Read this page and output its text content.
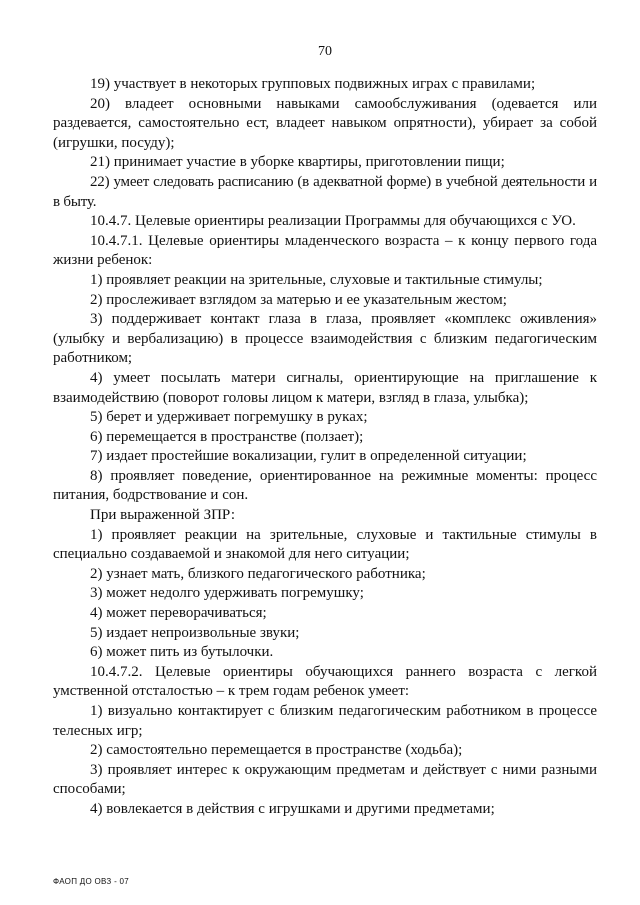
70

19) участвует в некоторых групповых подвижных играх с правилами;

20) владеет основными навыками самообслуживания (одевается или раздевается, самостоятельно ест, владеет навыком опрятности), убирает за собой (игрушки, посуду);

21) принимает участие в уборке квартиры, приготовлении пищи;

22) умеет следовать расписанию (в адекватной форме) в учебной деятельности и в быту.

10.4.7. Целевые ориентиры реализации Программы для обучающихся с УО.

10.4.7.1. Целевые ориентиры младенческого возраста – к концу первого года жизни ребенок:

1) проявляет реакции на зрительные, слуховые и тактильные стимулы;

2) прослеживает взглядом за матерью и ее указательным жестом;

3) поддерживает контакт глаза в глаза, проявляет «комплекс оживления» (улыбку и вербализацию) в процессе взаимодействия с близким педагогическим работником;

4) умеет посылать матери сигналы, ориентирующие на приглашение к взаимодействию (поворот головы лицом к матери, взгляд в глаза, улыбка);

5) берет и удерживает погремушку в руках;

6) перемещается в пространстве (ползает);

7) издает простейшие вокализации, гулит в определенной ситуации;

8) проявляет поведение, ориентированное на режимные моменты: процесс питания, бодрствование и сон.

При выраженной ЗПР:

1) проявляет реакции на зрительные, слуховые и тактильные стимулы в специально создаваемой и знакомой для него ситуации;

2) узнает мать, близкого педагогического работника;

3) может недолго удерживать погремушку;

4) может переворачиваться;

5) издает непроизвольные звуки;

6) может пить из бутылочки.

10.4.7.2. Целевые ориентиры обучающихся раннего возраста с легкой умственной отсталостью – к трем годам ребенок умеет:

1) визуально контактирует с близким педагогическим работником в процессе телесных игр;

2) самостоятельно перемещается в пространстве (ходьба);

3) проявляет интерес к окружающим предметам и действует с ними разными способами;

4) вовлекается в действия с игрушками и другими предметами;

ФАОП ДО ОВЗ - 07
